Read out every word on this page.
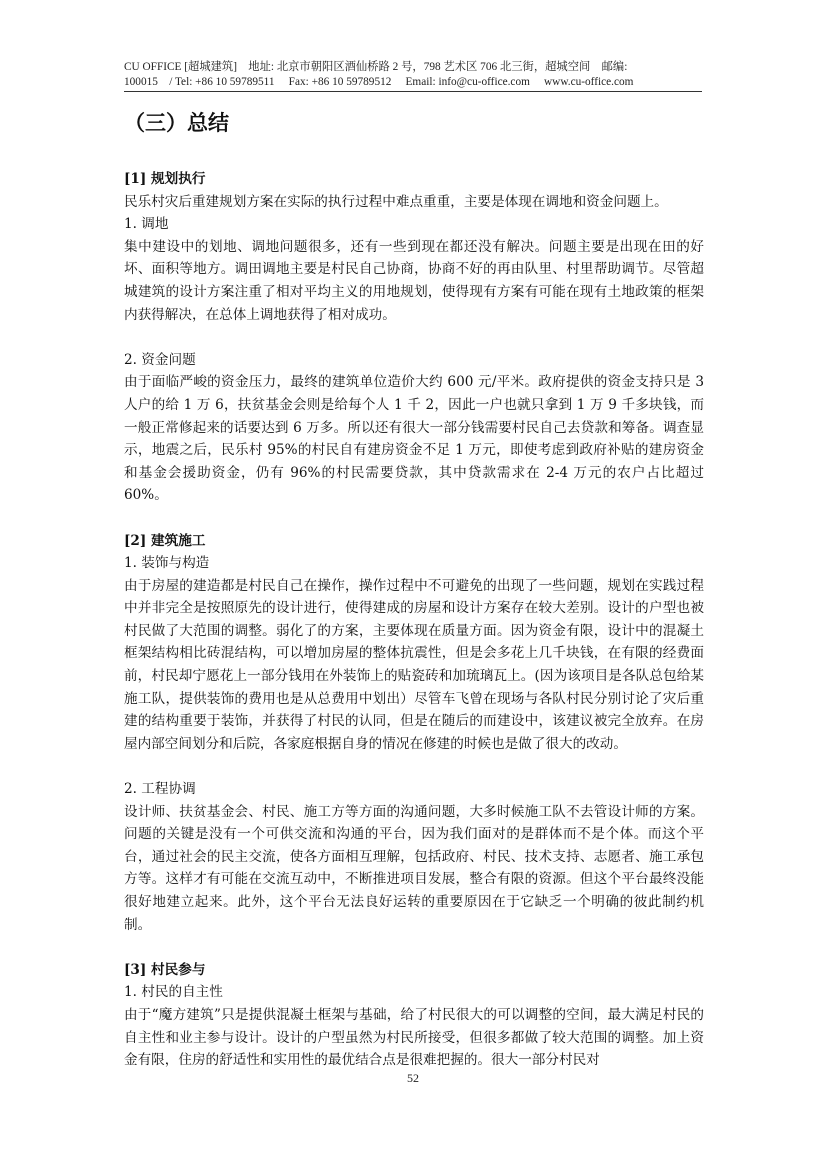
CU OFFICE [超城建筑]　地址: 北京市朝阳区酒仙桥路 2 号，798 艺术区 706 北三街，超城空间　邮编:
100015　/ Tel: +86 10 59789511　 Fax: +86 10 59789512　 Email: info@cu-office.com　 www.cu-office.com
（三）总结
[1] 规划执行
民乐村灾后重建规划方案在实际的执行过程中难点重重，主要是体现在调地和资金问题上。
1. 调地
集中建设中的划地、调地问题很多，还有一些到现在都还没有解决。问题主要是出现在田的好坏、面积等地方。调田调地主要是村民自己协商，协商不好的再由队里、村里帮助调节。尽管超城建筑的设计方案注重了相对平均主义的用地规划，使得现有方案有可能在现有土地政策的框架内获得解决，在总体上调地获得了相对成功。
2. 资金问题
由于面临严峻的资金压力，最终的建筑单位造价大约 600 元/平米。政府提供的资金支持只是 3 人户的给 1 万 6，扶贫基金会则是给每个人 1 千 2，因此一户也就只拿到 1 万 9 千多块钱，而一般正常修起来的话要达到 6 万多。所以还有很大一部分钱需要村民自己去贷款和筹备。调查显示，地震之后，民乐村 95%的村民自有建房资金不足 1 万元，即使考虑到政府补贴的建房资金和基金会援助资金，仍有 96%的村民需要贷款，其中贷款需求在 2-4 万元的农户占比超过 60%。
[2] 建筑施工
1. 装饰与构造
由于房屋的建造都是村民自己在操作，操作过程中不可避免的出现了一些问题，规划在实践过程中并非完全是按照原先的设计进行，使得建成的房屋和设计方案存在较大差别。设计的户型也被村民做了大范围的调整。弱化了的方案，主要体现在质量方面。因为资金有限，设计中的混凝土框架结构相比砖混结构，可以增加房屋的整体抗震性，但是会多花上几千块钱，在有限的经费面前，村民却宁愿花上一部分钱用在外装饰上的贴瓷砖和加琉璃瓦上。(因为该项目是各队总包给某施工队，提供装饰的费用也是从总费用中划出）尽管车飞曾在现场与各队村民分别讨论了灾后重建的结构重要于装饰，并获得了村民的认同，但是在随后的而建设中，该建议被完全放弃。在房屋内部空间划分和后院，各家庭根据自身的情况在修建的时候也是做了很大的改动。
2. 工程协调
设计师、扶贫基金会、村民、施工方等方面的沟通问题，大多时候施工队不去管设计师的方案。问题的关键是没有一个可供交流和沟通的平台，因为我们面对的是群体而不是个体。而这个平台，通过社会的民主交流，使各方面相互理解，包括政府、村民、技术支持、志愿者、施工承包方等。这样才有可能在交流互动中，不断推进项目发展，整合有限的资源。但这个平台最终没能很好地建立起来。此外，这个平台无法良好运转的重要原因在于它缺乏一个明确的彼此制约机制。
[3] 村民参与
1. 村民的自主性
由于“魔方建筑”只是提供混凝土框架与基础，给了村民很大的可以调整的空间，最大满足村民的自主性和业主参与设计。设计的户型虽然为村民所接受，但很多都做了较大范围的调整。加上资金有限，住房的舒适性和实用性的最优结合点是很难把握的。很大一部分村民对
52
